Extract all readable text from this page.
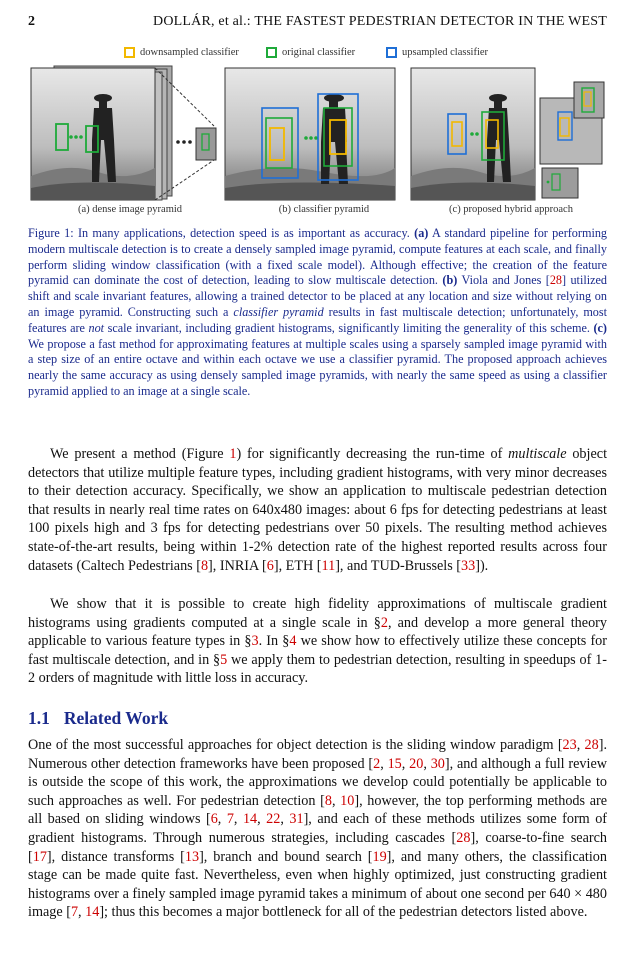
2	DOLLÁR, et al.: THE FASTEST PEDESTRIAN DETECTOR IN THE WEST
downsampled classifier	original classifier	upsampled classifier
(a) dense image pyramid	(b) classifier pyramid	(c) proposed hybrid approach
Figure 1: In many applications, detection speed is as important as accuracy. (a) A standard pipeline for performing modern multiscale detection is to create a densely sampled image pyramid, compute features at each scale, and finally perform sliding window classification (with a fixed scale model). Although effective; the creation of the feature pyramid can dominate the cost of detection, leading to slow multiscale detection. (b) Viola and Jones [28] utilized shift and scale invariant features, allowing a trained detector to be placed at any location and size without relying on an image pyramid. Constructing such a classifier pyramid results in fast multiscale detection; unfortunately, most features are not scale invariant, including gradient histograms, significantly limiting the generality of this scheme. (c) We propose a fast method for approximating features at multiple scales using a sparsely sampled image pyramid with a step size of an entire octave and within each octave we use a classifier pyramid. The proposed approach achieves nearly the same accuracy as using densely sampled image pyramids, with nearly the same speed as using a classifier pyramid applied to an image at a single scale.
We present a method (Figure 1) for significantly decreasing the run-time of multiscale object detectors that utilize multiple feature types, including gradient histograms, with very minor decreases to their detection accuracy. Specifically, we show an application to multiscale pedestrian detection that results in nearly real time rates on 640x480 images: about 6 fps for detecting pedestrians at least 100 pixels high and 3 fps for detecting pedestrians over 50 pixels. The resulting method achieves state-of-the-art results, being within 1-2% detection rate of the highest reported results across four datasets (Caltech Pedestrians [8], INRIA [6], ETH [11], and TUD-Brussels [33]).
We show that it is possible to create high fidelity approximations of multiscale gradient histograms using gradients computed at a single scale in §2, and develop a more general theory applicable to various feature types in §3. In §4 we show how to effectively utilize these concepts for fast multiscale detection, and in §5 we apply them to pedestrian detection, resulting in speedups of 1-2 orders of magnitude with little loss in accuracy.
1.1 Related Work
One of the most successful approaches for object detection is the sliding window paradigm [23, 28]. Numerous other detection frameworks have been proposed [2, 15, 20, 30], and although a full review is outside the scope of this work, the approximations we develop could potentially be applicable to such approaches as well. For pedestrian detection [8, 10], however, the top performing methods are all based on sliding windows [6, 7, 14, 22, 31], and each of these methods utilizes some form of gradient histograms. Through numerous strategies, including cascades [28], coarse-to-fine search [17], distance transforms [13], branch and bound search [19], and many others, the classification stage can be made quite fast. Nevertheless, even when highly optimized, just constructing gradient histograms over a finely sampled image pyramid takes a minimum of about one second per 640 × 480 image [7, 14]; thus this becomes a major bottleneck for all of the pedestrian detectors listed above.
